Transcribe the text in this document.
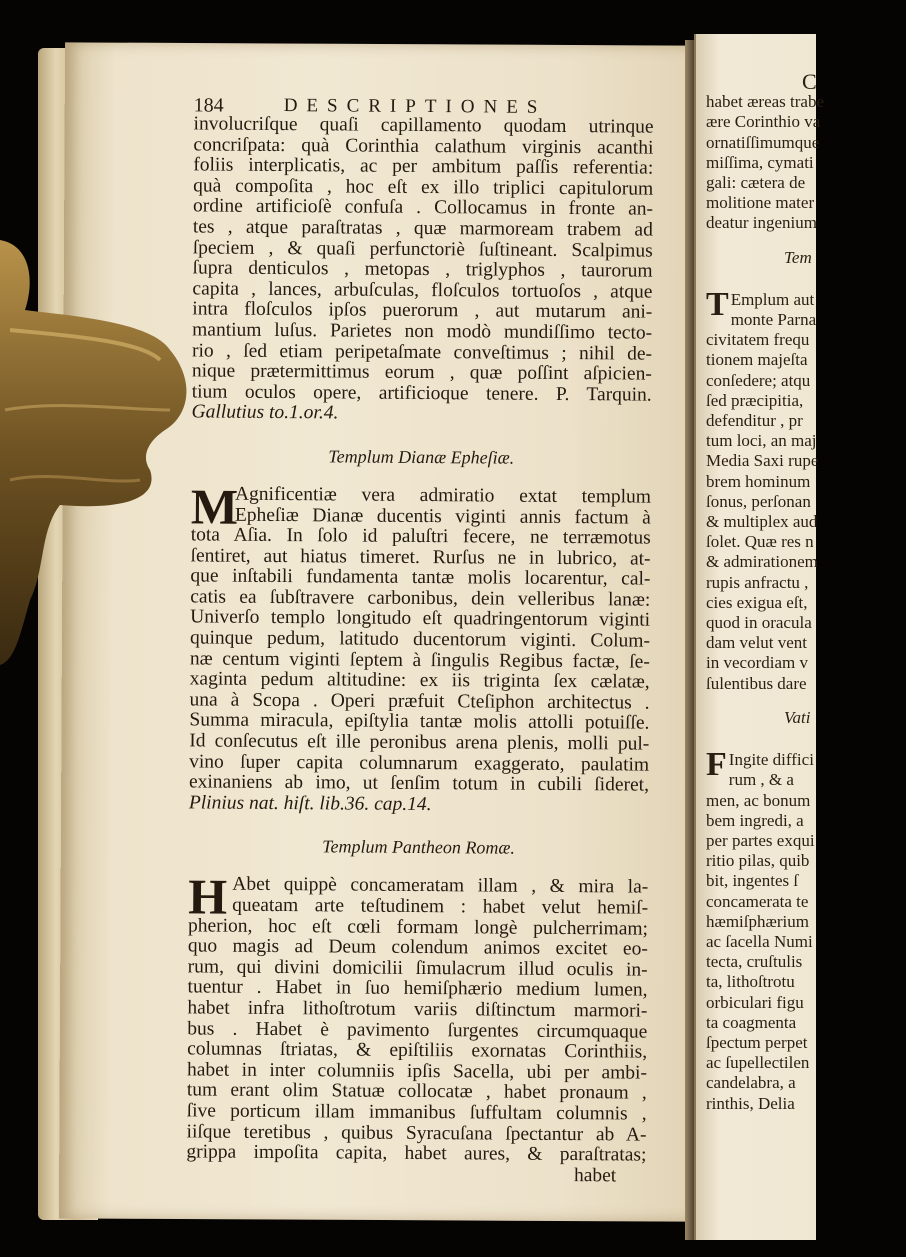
C
habet æreas trabe
ære Corinthio va
ornatiſſimumque
miſſima, cymati
gali: cætera de
molitione mater
deatur ingenium
Tem
T Emplum aut
monte Parna
civitatem frequ
tionem majeſta
conſedere; atqu
ſed præcipitia,
defenditur , pr
tum loci, an maj
Media Saxi rupe
brem hominum
ſonus, perſonan
& multiplex aud
ſolet. Quæ res n
& admirationem
rupis anfractu ,
cies exigua eſt,
quod in oracula
dam velut vent
in vecordiam v
ſulentibus dare
Vati
F Ingite diffici
rum , & a
men, ac bonum
bem ingredi, a
per partes exqui
ritio pilas, quib
bit, ingentes ſ
concamerata te
hæmiſphærium
ac ſacella Numi
tecta, cruſtulis
ta, lithoſtrotu
orbiculari figu
ta coagmenta
ſpectum perpet
ac ſupellectilen
candelabra, a
rinthis, Delia
184	DESCRIPTIONES
involucriſque quaſi capillamento quodam utrinque
concriſpata: quà Corinthia calathum virginis acanthi
foliis interplicatis, ac per ambitum paſſis referentia:
quà compoſita , hoc eſt ex illo triplici capitulorum
ordine artificioſè confuſa . Collocamus in fronte an-
tes , atque paraſtratas , quæ marmoream trabem ad
ſpeciem , & quaſi perfunctoriè ſuſtineant. Scalpimus
ſupra denticulos , metopas , triglyphos , taurorum
capita , lances, arbuſculas, floſculos tortuoſos , atque
intra floſculos ipſos puerorum , aut mutarum ani-
mantium luſus. Parietes non modò mundiſſimo tecto-
rio , ſed etiam peripetaſmate conveſtimus ; nihil de-
nique prætermittimus eorum , quæ poſſint aſpicien-
tium oculos opere, artificioque tenere. P. Tarquin.
Gallutius to.1.or.4.
Templum Dianæ Epheſiæ.
M
Agnificentiæ vera admiratio extat templum
Epheſiæ Dianæ ducentis viginti annis factum à
tota Aſia. In ſolo id paluſtri fecere, ne terræmotus
ſentiret, aut hiatus timeret. Rurſus ne in lubrico, at-
que inſtabili fundamenta tantæ molis locarentur, cal-
catis ea ſubſtravere carbonibus, dein velleribus lanæ:
Univerſo templo longitudo eſt quadringentorum viginti
quinque pedum, latitudo ducentorum viginti. Colum-
næ centum viginti ſeptem à ſingulis Regibus factæ, ſe-
xaginta pedum altitudine: ex iis triginta ſex cælatæ,
una à Scopa . Operi præfuit Cteſiphon architectus .
Summa miracula, epiſtylia tantæ molis attolli potuiſſe.
Id conſecutus eſt ille peronibus arena plenis, molli pul-
vino ſuper capita columnarum exaggerato, paulatim
exinaniens ab imo, ut ſenſim totum in cubili ſideret,
Plinius nat. hiſt. lib.36. cap.14.
Templum Pantheon Romæ.
H Abet quippè concameratam illam , & mira la-
queatam arte teſtudinem : habet velut hemiſ-
pherion, hoc eſt cœli formam longè pulcherrimam;
quo magis ad Deum colendum animos excitet eo-
rum, qui divini domicilii ſimulacrum illud oculis in-
tuentur . Habet in ſuo hemiſphærio medium lumen,
habet infra lithoſtrotum variis diſtinctum marmori-
bus . Habet è pavimento ſurgentes circumquaque
columnas ſtriatas, & epiſtiliis exornatas Corinthiis,
habet in inter columniis ipſis Sacella, ubi per ambi-
tum erant olim Statuæ collocatæ , habet pronaum ,
ſive porticum illam immanibus ſuffultam columnis ,
iiſque teretibus , quibus Syracuſana ſpectantur ab A-
grippa impoſita capita, habet aures, & paraſtratas;
habet
